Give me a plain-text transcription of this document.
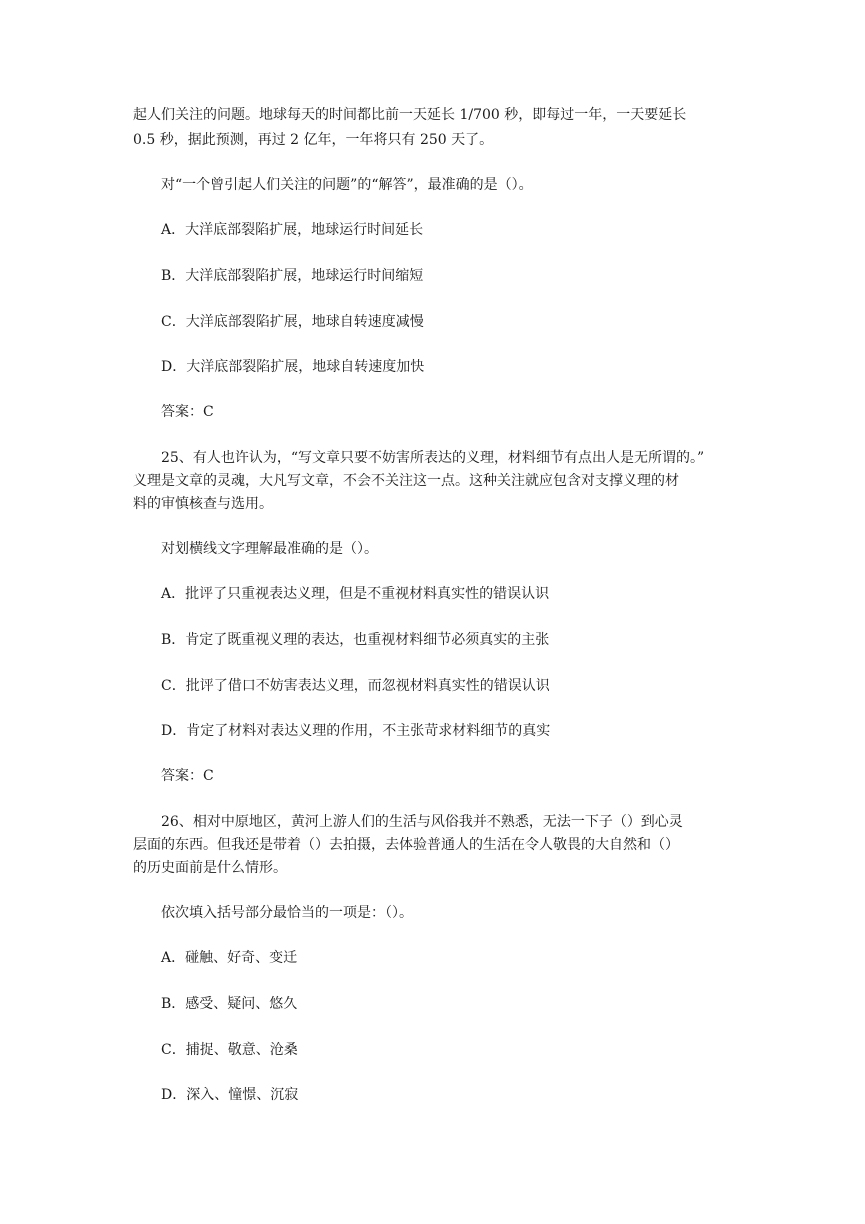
起人们关注的问题。地球每天的时间都比前一天延长 1/700 秒，即每过一年，一天要延长
0.5 秒，据此预测，再过 2 亿年，一年将只有 250 天了。
对“一个曾引起人们关注的问题”的“解答”，最准确的是（）。
A．大洋底部裂陷扩展，地球运行时间延长
B．大洋底部裂陷扩展，地球运行时间缩短
C．大洋底部裂陷扩展，地球自转速度减慢
D．大洋底部裂陷扩展，地球自转速度加快
答案：C
25、有人也许认为，“写文章只要不妨害所表达的义理，材料细节有点出人是无所谓的。”
义理是文章的灵魂，大凡写文章，不会不关注这一点。这种关注就应包含对支撑义理的材
料的审慎核查与选用。
对划横线文字理解最准确的是（）。
A．批评了只重视表达义理，但是不重视材料真实性的错误认识
B．肯定了既重视义理的表达，也重视材料细节必须真实的主张
C．批评了借口不妨害表达义理，而忽视材料真实性的错误认识
D．肯定了材料对表达义理的作用，不主张苛求材料细节的真实
答案：C
26、相对中原地区，黄河上游人们的生活与风俗我并不熟悉，无法一下子（）到心灵
层面的东西。但我还是带着（）去拍摄，去体验普通人的生活在令人敬畏的大自然和（）
的历史面前是什么情形。
依次填入括号部分最恰当的一项是：（）。
A．碰触、好奇、变迁
B．感受、疑问、悠久
C．捕捉、敬意、沧桑
D．深入、憧憬、沉寂
